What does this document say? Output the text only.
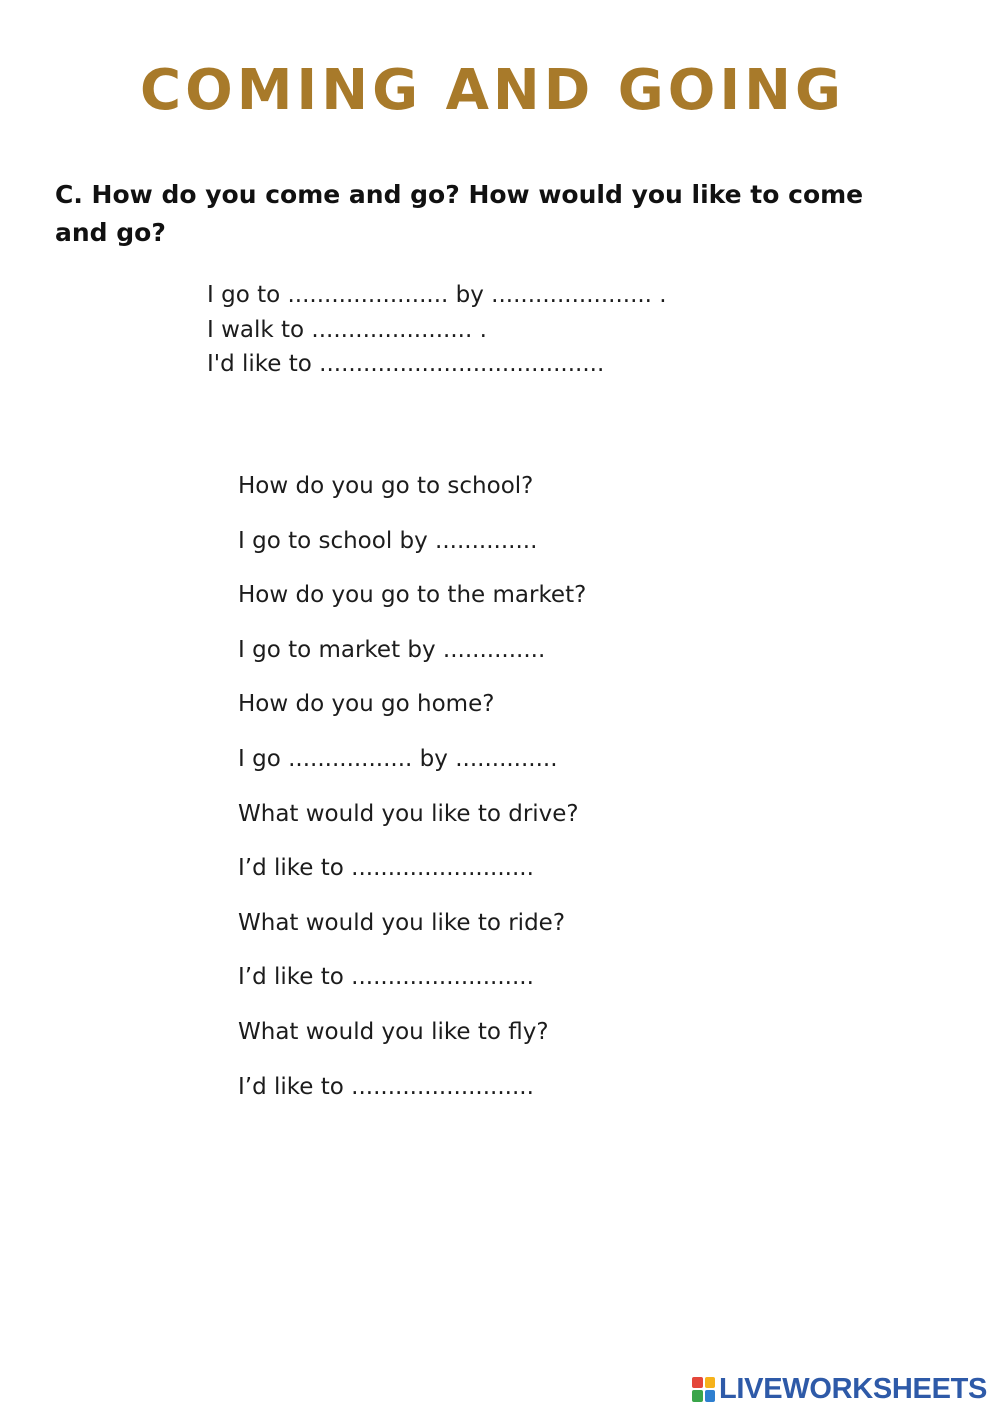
COMING AND GOING

C. How do you come and go? How would you like to come and go?

I go to ...................... by ...................... .
I walk to ...................... .
I'd like to .......................................
How do you go to school?
I go to school by ..............
How do you go to the market?
I go to market by ..............
How do you go home?
I go ................. by ..............
What would you like to drive?
I’d like to .........................
What would you like to ride?
I’d like to .........................
What would you like to fly?
I’d like to .........................
LIVEWORKSHEETS
